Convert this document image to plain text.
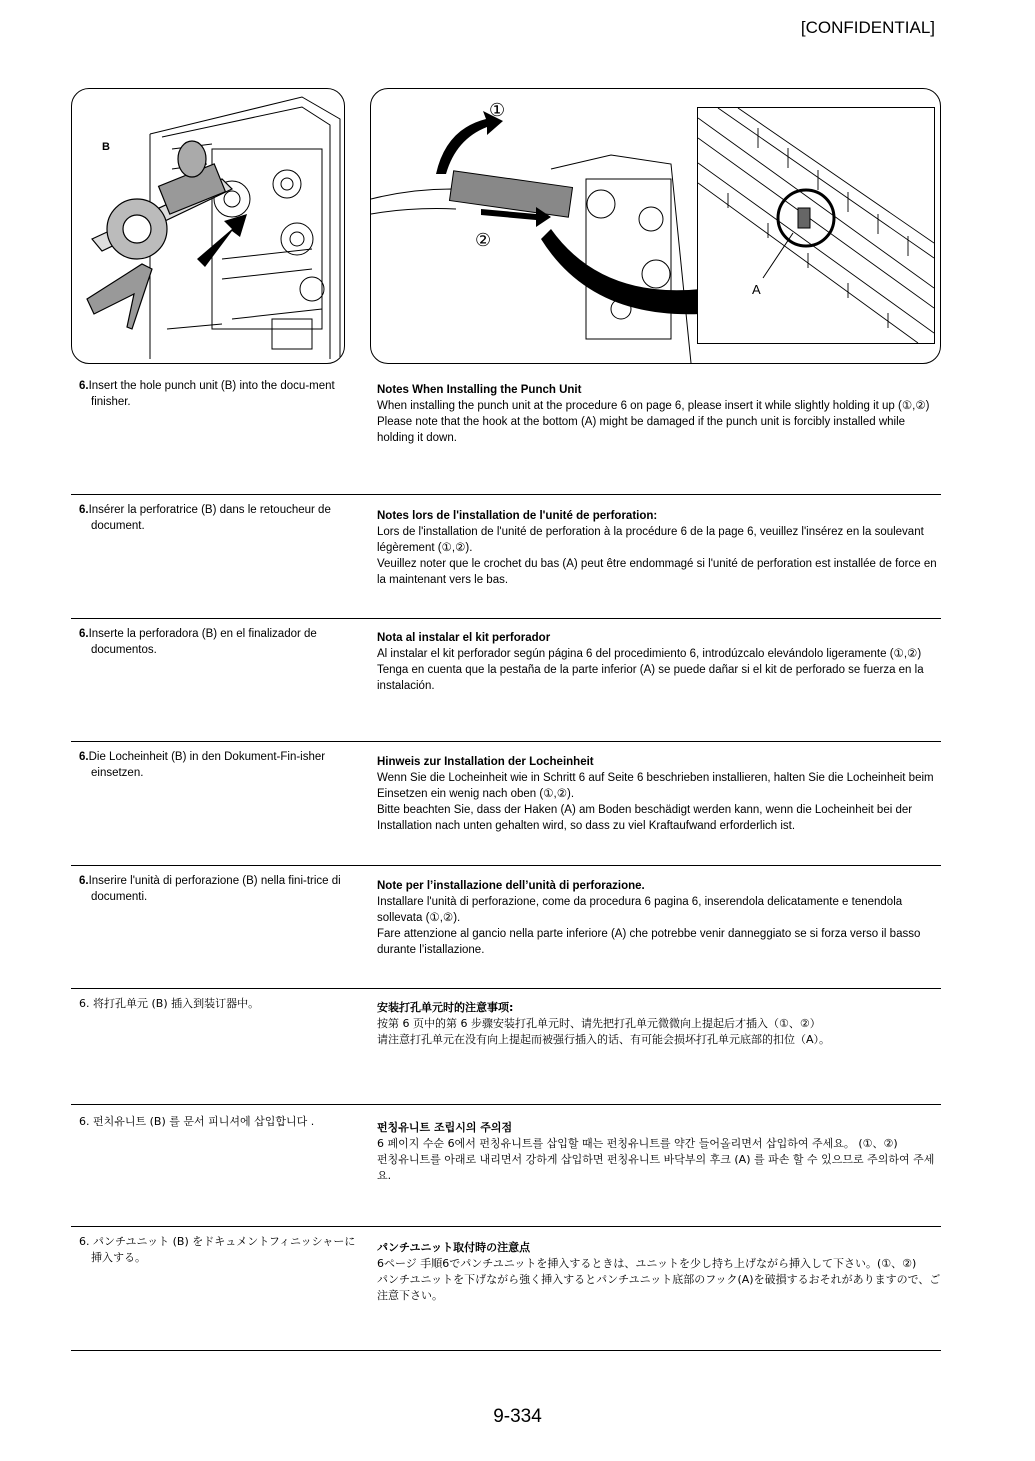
[CONFIDENTIAL]
B
A
①
②
6.Insert the hole punch unit (B) into the docu-ment finisher.
Notes When Installing the Punch Unit
When installing the punch unit at the procedure 6 on page 6, please insert it while slightly holding it up (①,②)
Please note that the hook at the bottom (A) might be damaged if the punch unit is forcibly installed while holding it down.
6.Insérer la perforatrice (B) dans le retoucheur de document.
Notes lors de l'installation de l'unité de perforation:
Lors de l'installation de l'unité de perforation à la procédure 6 de la page 6, veuillez l'insérez en la soulevant légèrement (①,②).
Veuillez noter que le crochet du bas (A) peut être endommagé si l'unité de perforation est installée de force en la maintenant vers le bas.
6.Inserte la perforadora (B) en el finalizador de documentos.
Nota al instalar el kit perforador
Al instalar el kit perforador según página 6 del procedimiento 6, introdúzcalo elevándolo ligeramente (①,②)
Tenga en cuenta que la pestaña de la parte inferior (A) se puede dañar si el kit de perforado se fuerza en la instalación.
6.Die Locheinheit (B) in den Dokument-Fin-isher einsetzen.
Hinweis zur Installation der Locheinheit
Wenn Sie die Locheinheit wie in Schritt 6 auf Seite 6 beschrieben installieren, halten Sie die Locheinheit beim Einsetzen ein wenig nach oben (①,②).
Bitte beachten Sie, dass der Haken (A) am Boden beschädigt werden kann, wenn die Locheinheit bei der Installation nach unten gehalten wird, so dass zu viel Kraftaufwand erforderlich ist.
6.Inserire l'unità di perforazione (B) nella fini-trice di documenti.
Note per l’installazione dell’unità di perforazione.
Installare l'unità di perforazione, come da procedura 6 pagina 6, inserendola delicatamente e tenendola sollevata (①,②).
Fare attenzione al gancio nella parte inferiore (A) che potrebbe venir danneggiato se si forza verso il basso durante l’istallazione.
6. 将打孔单元 (B) 插入到装订器中。	安装打孔单元时的注意事项:
按第 6 页中的第 6 步骤安装打孔单元时、请先把打孔单元微微向上提起后才插入（①、②）
请注意打孔单元在没有向上提起而被强行插入的话、有可能会损坏打孔单元底部的扣位（A）。
6. 펀치유니트 (B) 를 문서 피니셔에 삽입합니다 .	펀칭유니트 조립시의 주의점
6 페이지 수순 6에서 펀칭유니트를 삽입할 때는 펀칭유니트를 약간 들어올리면서 삽입하여 주세요。 (①、②)
펀칭유니트를 아래로 내리면서 강하게 삽입하면 펀칭유니트 바닥부의 후크 (A) 를 파손 할 수 있으므로 주의하여 주세요.
6. パンチユニット (B) をドキュメントフィニッシャーに挿入する。
パンチユニット取付時の注意点
6ページ 手順6でパンチユニットを挿入するときは、ユニットを少し持ち上げながら挿入して下さい。(①、②)
パンチユニットを下げながら強く挿入するとパンチユニット底部のフック(A)を破損するおそれがありますので、ご注意下さい。
9-334
